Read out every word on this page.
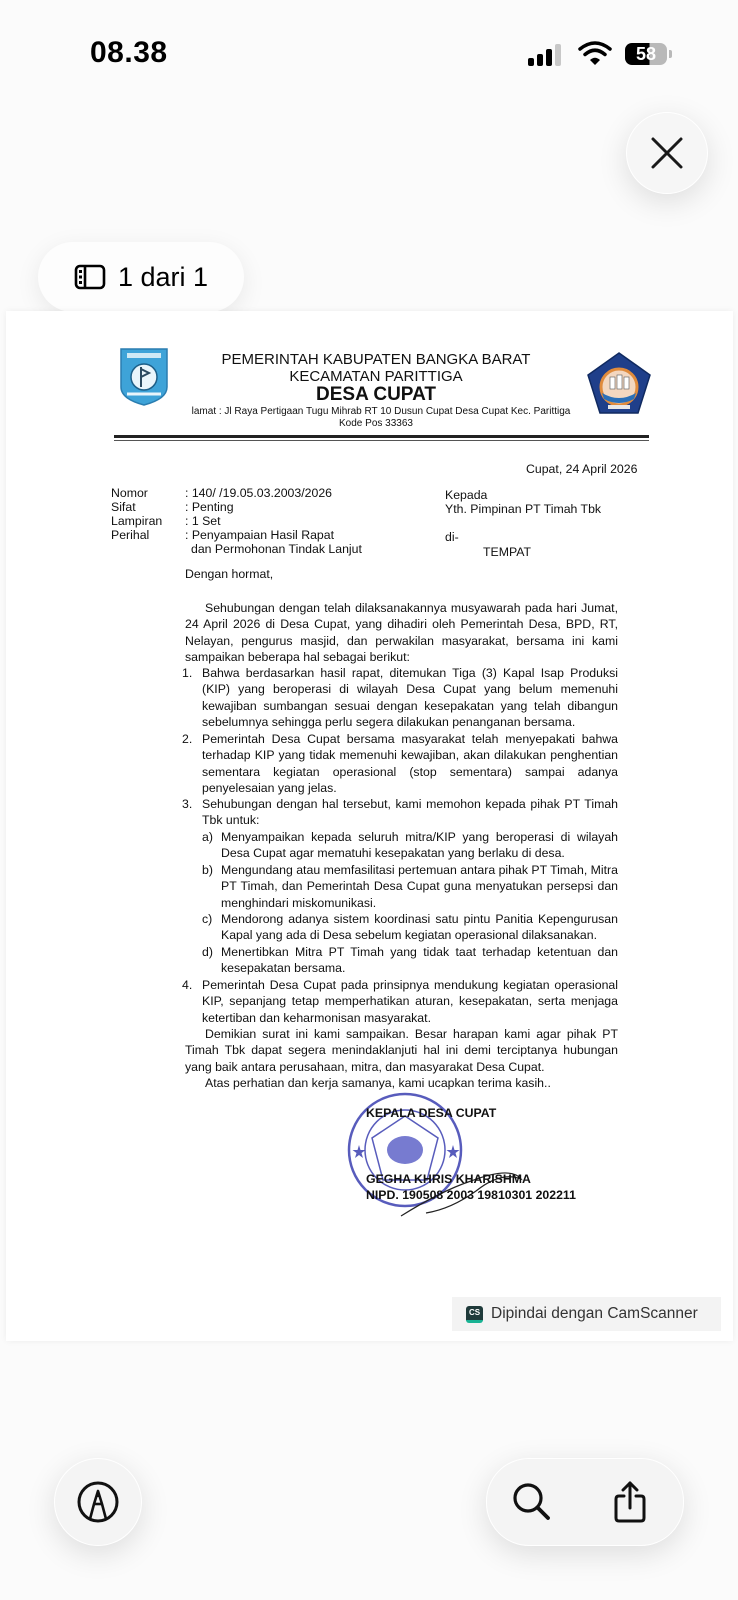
08.38	58
1 dari 1
PEMERINTAH KABUPATEN BANGKA BARAT
KECAMATAN PARITTIGA
DESA CUPAT
lamat : Jl Raya Pertigaan Tugu Mihrab RT 10 Dusun Cupat Desa Cupat Kec. Parittiga
Kode Pos 33363
Cupat, 24 April 2026
Nomor	: 140/ /19.05.03.2003/2026
Sifat	: Penting
Lampiran : 1 Set
Perihal	: Penyampaian Hasil Rapat
dan Permohonan Tindak Lanjut
Kepada
Yth. Pimpinan PT Timah Tbk
di-
TEMPAT
Dengan hormat,
Sehubungan dengan telah dilaksanakannya musyawarah pada hari Jumat, 24 April 2026 di Desa Cupat, yang dihadiri oleh Pemerintah Desa, BPD, RT, Nelayan, pengurus masjid, dan perwakilan masyarakat, bersama ini kami sampaikan beberapa hal sebagai berikut:
1. Bahwa berdasarkan hasil rapat, ditemukan Tiga (3) Kapal Isap Produksi (KIP) yang beroperasi di wilayah Desa Cupat yang belum memenuhi kewajiban sumbangan sesuai dengan kesepakatan yang telah dibangun sebelumnya sehingga perlu segera dilakukan penanganan bersama.
2. Pemerintah Desa Cupat bersama masyarakat telah menyepakati bahwa terhadap KIP yang tidak memenuhi kewajiban, akan dilakukan penghentian sementara kegiatan operasional (stop sementara) sampai adanya penyelesaian yang jelas.
3. Sehubungan dengan hal tersebut, kami memohon kepada pihak PT Timah Tbk untuk:
a) Menyampaikan kepada seluruh mitra/KIP yang beroperasi di wilayah Desa Cupat agar mematuhi kesepakatan yang berlaku di desa.
b) Mengundang atau memfasilitasi pertemuan antara pihak PT Timah, Mitra PT Timah, dan Pemerintah Desa Cupat guna menyatukan persepsi dan menghindari miskomunikasi.
c) Mendorong adanya sistem koordinasi satu pintu Panitia Kepengurusan Kapal yang ada di Desa sebelum kegiatan operasional dilaksanakan.
d) Menertibkan Mitra PT Timah yang tidak taat terhadap ketentuan dan kesepakatan bersama.
4. Pemerintah Desa Cupat pada prinsipnya mendukung kegiatan operasional KIP, sepanjang tetap memperhatikan aturan, kesepakatan, serta menjaga ketertiban dan keharmonisan masyarakat.
Demikian surat ini kami sampaikan. Besar harapan kami agar pihak PT Timah Tbk dapat segera menindaklanjuti hal ini demi terciptanya hubungan yang baik antara perusahaan, mitra, dan masyarakat Desa Cupat.
Atas perhatian dan kerja samanya, kami ucapkan terima kasih..
KEPALA DESA CUPAT
GEGHA KHRIS KHARISHMA
NIPD. 190508 2003 19810301 202211
CS Dipindai dengan CamScanner
